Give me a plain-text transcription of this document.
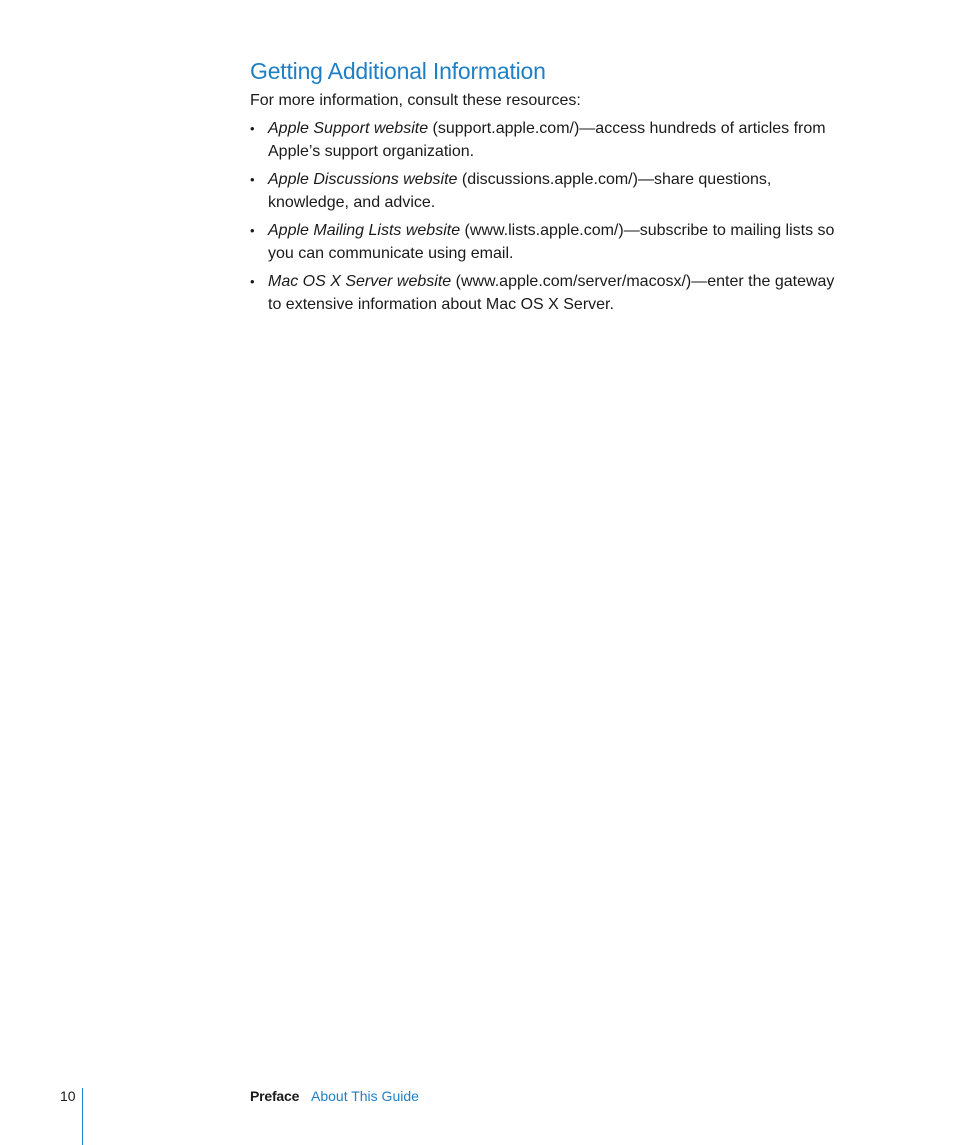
Getting Additional Information

For more information, consult these resources:

• Apple Support website (support.apple.com/)—access hundreds of articles from Apple’s support organization.
• Apple Discussions website (discussions.apple.com/)—share questions, knowledge, and advice.
• Apple Mailing Lists website (www.lists.apple.com/)—subscribe to mailing lists so you can communicate using email.
• Mac OS X Server website (www.apple.com/server/macosx/)—enter the gateway to extensive information about Mac OS X Server.
10	Preface About This Guide
